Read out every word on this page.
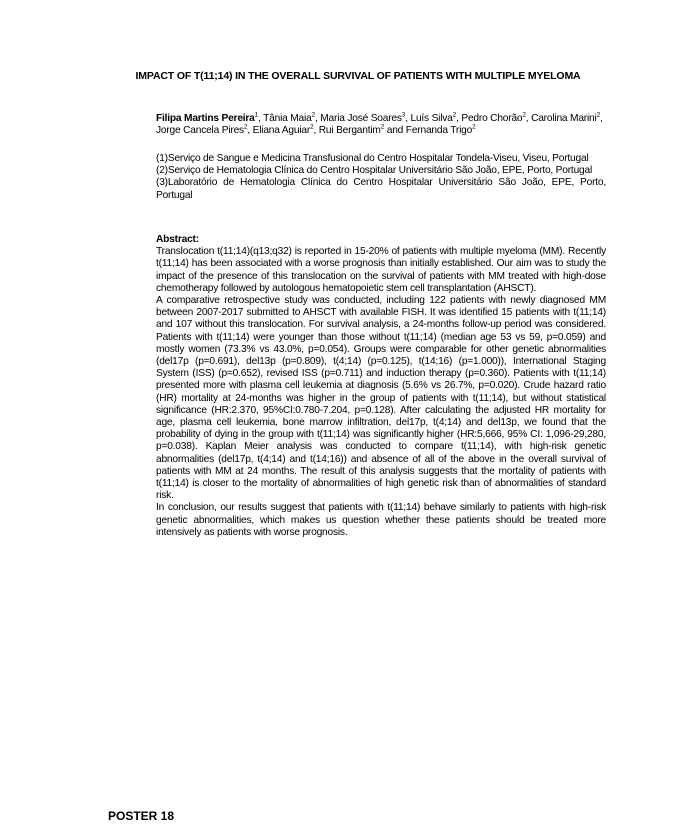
IMPACT OF T(11;14) IN THE OVERALL SURVIVAL OF PATIENTS WITH MULTIPLE MYELOMA
Filipa Martins Pereira$^1$, Tânia Maia$^2$, Maria José Soares$^3$, Luís Silva$^2$, Pedro Chorão$^2$, Carolina Marini$^2$, Jorge Cancela Pires$^2$, Eliana Aguiar$^2$, Rui Bergantim$^2$ and Fernanda Trigo$^2$
(1)Serviço de Sangue e Medicina Transfusional do Centro Hospitalar Tondela-Viseu, Viseu, Portugal
(2)Serviço de Hematologia Clínica do Centro Hospitalar Universitário São João, EPE, Porto, Portugal
(3)Laboratório de Hematologia Clínica do Centro Hospitalar Universitário São João, EPE, Porto, Portugal
Abstract:

Translocation t(11;14)(q13;q32) is reported in 15-20% of patients with multiple myeloma (MM). Recently t(11;14) has been associated with a worse prognosis than initially established. Our aim was to study the impact of the presence of this translocation on the survival of patients with MM treated with high-dose chemotherapy followed by autologous hematopoietic stem cell transplantation (AHSCT).

A comparative retrospective study was conducted, including 122 patients with newly diagnosed MM between 2007-2017 submitted to AHSCT with available FISH. It was identified 15 patients with t(11;14) and 107 without this translocation. For survival analysis, a 24-months follow-up period was considered. Patients with t(11;14) were younger than those without t(11;14) (median age 53 vs 59, p=0.059) and mostly women (73.3% vs 43.0%, p=0.054). Groups were comparable for other genetic abnormalities (del17p (p=0.691), del13p (p=0.809), t(4;14) (p=0.125), t(14;16) (p=1.000)), International Staging System (ISS) (p=0.652), revised ISS (p=0.711) and induction therapy (p=0.360). Patients with t(11;14) presented more with plasma cell leukemia at diagnosis (5.6% vs 26.7%, p=0.020). Crude hazard ratio (HR) mortality at 24-months was higher in the group of patients with t(11;14), but without statistical significance (HR:2.370, 95%CI:0.780-7.204, p=0.128). After calculating the adjusted HR mortality for age, plasma cell leukemia, bone marrow infiltration, del17p, t(4;14) and del13p, we found that the probability of dying in the group with t(11;14) was significantly higher (HR:5,666, 95% CI: 1,096-29,280, p=0.038). Kaplan Meier analysis was conducted to compare t(11;14), with high-risk genetic abnormalities (del17p, t(4;14) and t(14;16)) and absence of all of the above in the overall survival of patients with MM at 24 months. The result of this analysis suggests that the mortality of patients with t(11;14) is closer to the mortality of abnormalities of high genetic risk than of abnormalities of standard risk.

In conclusion, our results suggest that patients with t(11;14) behave similarly to patients with high-risk genetic abnormalities, which makes us question whether these patients should be treated more intensively as patients with worse prognosis.

POSTER 18
